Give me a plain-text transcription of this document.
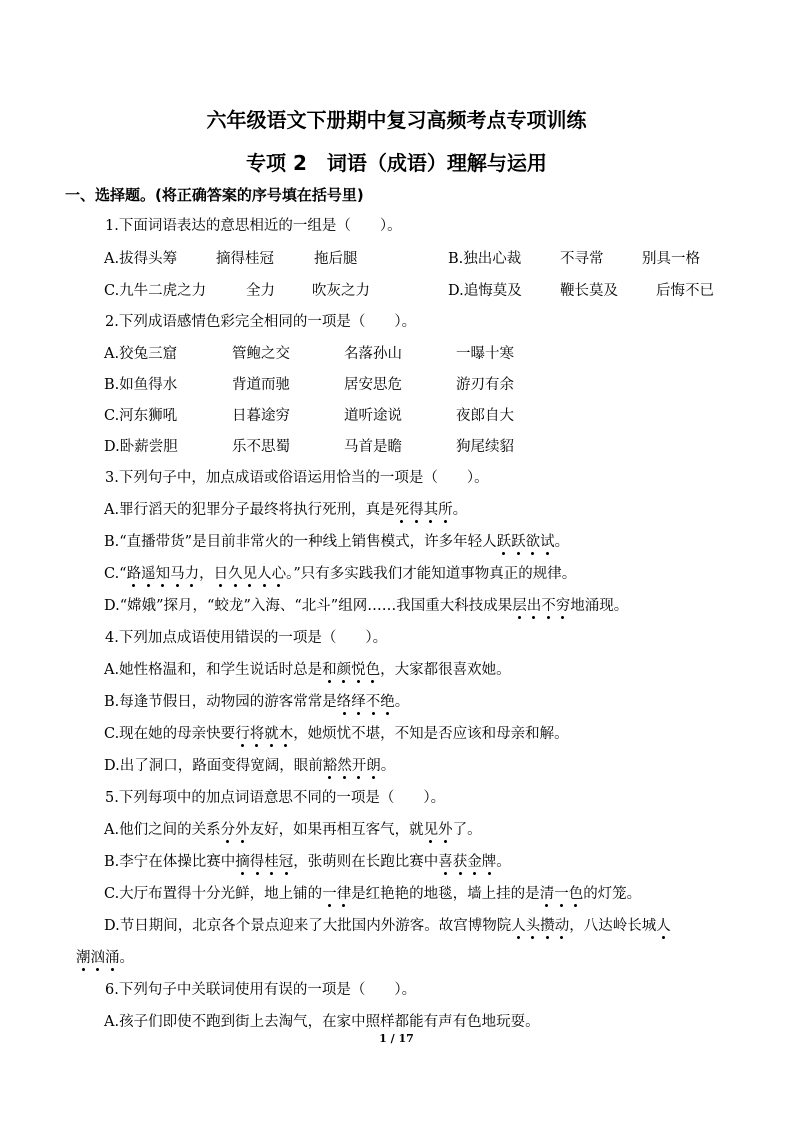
六年级语文下册期中复习高频考点专项训练
专项 2　词语（成语）理解与运用
一、选择题。(将正确答案的序号填在括号里)
1.下面词语表达的意思相近的一组是（　　）。
A.拔得头筹	摘得桂冠	拖后腿	B.独出心裁	不寻常	别具一格
C.九牛二虎之力	全力	吹灰之力	D.追悔莫及	鞭长莫及	后悔不已
2.下列成语感情色彩完全相同的一项是（　　）。
A.狡兔三窟	管鲍之交	名落孙山	一曝十寒
B.如鱼得水	背道而驰	居安思危	游刃有余
C.河东狮吼	日暮途穷	道听途说	夜郎自大
D.卧薪尝胆	乐不思蜀	马首是瞻	狗尾续貂
3.下列句子中，加点成语或俗语运用恰当的一项是（　　）。
A.罪行滔天的犯罪分子最终将执行死刑，真是死得其所。
B.“直播带货”是目前非常火的一种线上销售模式，许多年轻人跃跃欲试。
C.“路遥知马力，日久见人心。”只有多实践我们才能知道事物真正的规律。
D.“嫦娥”探月，“蛟龙”入海、“北斗”组网……我国重大科技成果层出不穷地涌现。
4.下列加点成语使用错误的一项是（　　）。
A.她性格温和，和学生说话时总是和颜悦色，大家都很喜欢她。
B.每逢节假日，动物园的游客常常是络绎不绝。
C.现在她的母亲快要行将就木，她烦忧不堪，不知是否应该和母亲和解。
D.出了洞口，路面变得宽阔，眼前豁然开朗。
5.下列每项中的加点词语意思不同的一项是（　　）。
A.他们之间的关系分外友好，如果再相互客气，就见外了。
B.李宁在体操比赛中摘得桂冠，张萌则在长跑比赛中喜获金牌。
C.大厅布置得十分光鲜，地上铺的一律是红艳艳的地毯，墙上挂的是清一色的灯笼。
D.节日期间，北京各个景点迎来了大批国内外游客。故宫博物院人头攒动，八达岭长城人
潮汹涌。
6.下列句子中关联词使用有误的一项是（　　）。
A.孩子们即使不跑到街上去淘气，在家中照样都能有声有色地玩耍。
1 / 17
